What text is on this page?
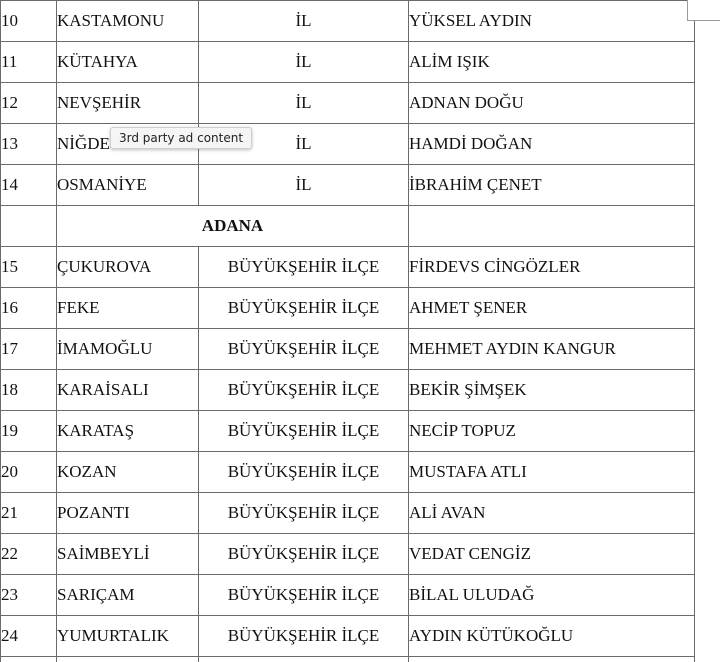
10	KASTAMONU	İL	YÜKSEL AYDIN
11	KÜTAHYA	İL	ALİM IŞIK
12	NEVŞEHİR	İL	ADNAN DOĞU
13	NİĞDE	İL	HAMDİ DOĞAN
14	OSMANİYE	İL	İBRAHİM ÇENET
	ADANA		
15	ÇUKUROVA	BÜYÜKŞEHİR İLÇE	FİRDEVS CİNGÖZLER
16	FEKE	BÜYÜKŞEHİR İLÇE	AHMET ŞENER
17	İMAMOĞLU	BÜYÜKŞEHİR İLÇE	MEHMET AYDIN KANGUR
18	KARAİSALI	BÜYÜKŞEHİR İLÇE	BEKİR ŞİMŞEK
19	KARATAŞ	BÜYÜKŞEHİR İLÇE	NECİP TOPUZ
20	KOZAN	BÜYÜKŞEHİR İLÇE	MUSTAFA ATLI
21	POZANTI	BÜYÜKŞEHİR İLÇE	ALİ AVAN
22	SAİMBEYLİ	BÜYÜKŞEHİR İLÇE	VEDAT CENGİZ
23	SARIÇAM	BÜYÜKŞEHİR İLÇE	BİLAL ULUDAĞ
24	YUMURTALIK	BÜYÜKŞEHİR İLÇE	AYDIN KÜTÜKOĞLU

3rd party ad content
